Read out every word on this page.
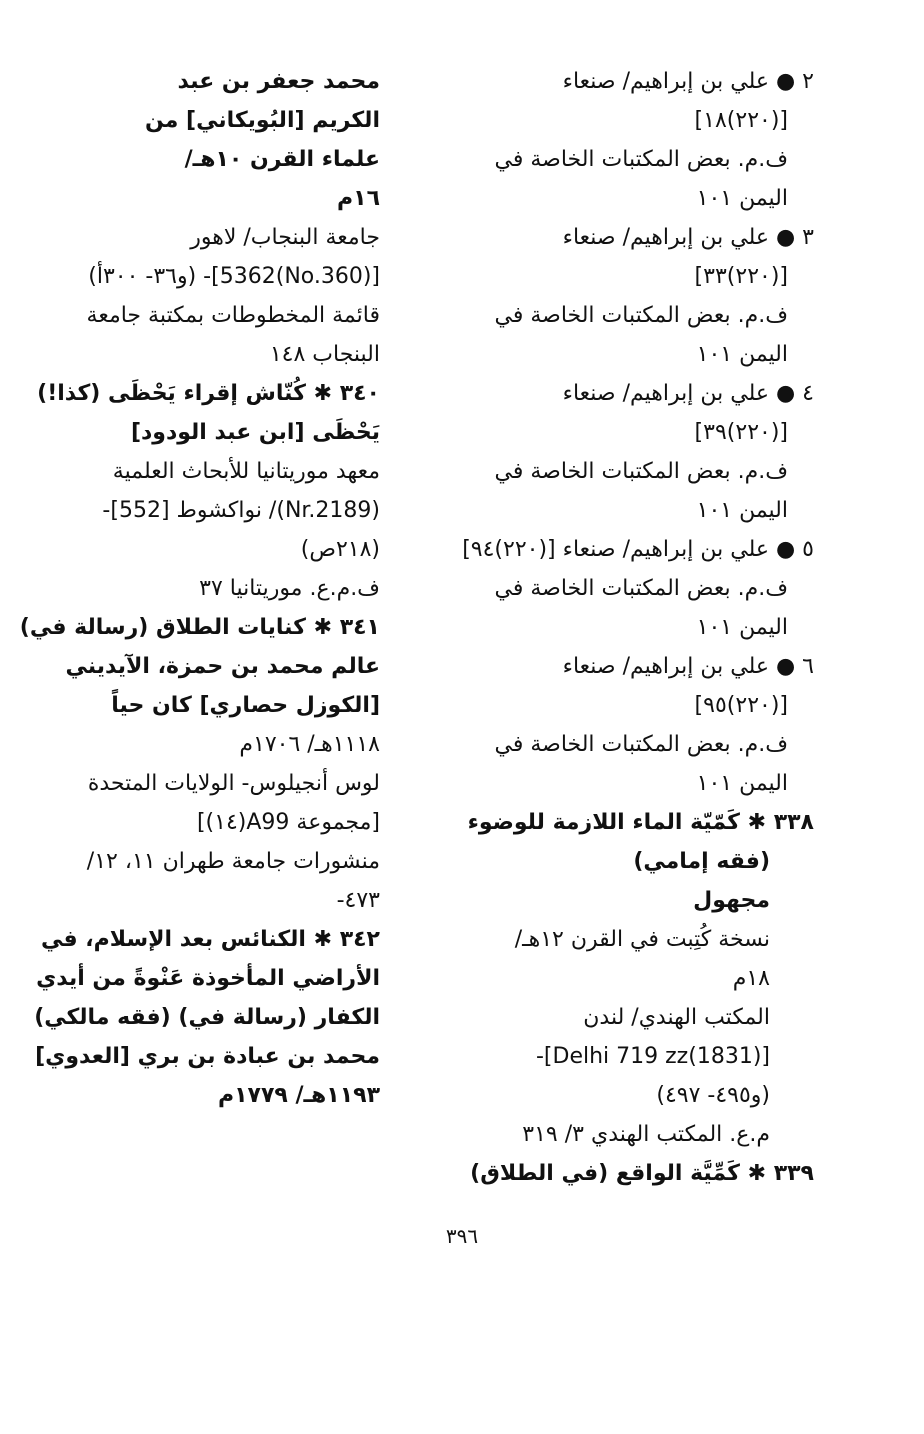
٢ ● علي بن إبراهيم/ صنعاء
[(٢٢٠)١٨]
ف.م. بعض المكتبات الخاصة في
اليمن ١٠١
٣ ● علي بن إبراهيم/ صنعاء
[(٢٢٠)٣٣]
ف.م. بعض المكتبات الخاصة في
اليمن ١٠١
٤ ● علي بن إبراهيم/ صنعاء
[(٢٢٠)٣٩]
ف.م. بعض المكتبات الخاصة في
اليمن ١٠١
٥ ● علي بن إبراهيم/ صنعاء [(٢٢٠)٩٤]
ف.م. بعض المكتبات الخاصة في
اليمن ١٠١
٦ ● علي بن إبراهيم/ صنعاء
[(٢٢٠)٩٥]
ف.م. بعض المكتبات الخاصة في
اليمن ١٠١
٣٣٨ ✱ كَمّيّة الماء اللازمة للوضوء
(فقه إمامي)
مجهول
نسخة كُتِبت في القرن ١٢هـ/
١٨م
المكتب الهندي/ لندن
[(1831)Delhi 719 zz]-
(و٤٩٥- ٤٩٧)
م.ع. المكتب الهندي ٣/ ٣١٩
٣٣٩ ✱ كَمِّيَّة الواقع (في الطلاق)
محمد جعفر بن عبد
الكريم [البُويكاني] من
علماء القرن ١٠هـ/
١٦م
جامعة البنجاب/ لاهور
[(No.360)5362]- (و٣٦- ٣٠٠أ)
قائمة المخطوطات بمكتبة جامعة
البنجاب ١٤٨
٣٤٠ ✱ كُنّاش إقراء يَحْظَى (كذا!)
يَحْظَى [ابن عبد الودود]
معهد موريتانيا للأبحاث العلمية
(Nr.2189)/ نواكشوط [552]-
(٢١٨ص)
ف.م.ع. موريتانيا ٣٧
٣٤١ ✱ كنايات الطلاق (رسالة في)
عالم محمد بن حمزة، الآيديني
[الكوزل حصاري] كان حياً
١١١٨هـ/ ١٧٠٦م
لوس أنجيلوس- الولايات المتحدة
[مجموعة A99(١٤)]
منشورات جامعة طهران ١١، ١٢/
٤٧٣-
٣٤٢ ✱ الكنائس بعد الإسلام، في
الأراضي المأخوذة عَنْوةً من أيدي
الكفار (رسالة في) (فقه مالكي)
محمد بن عبادة بن بري [العدوي]
١١٩٣هـ/ ١٧٧٩م
٣٩٦
